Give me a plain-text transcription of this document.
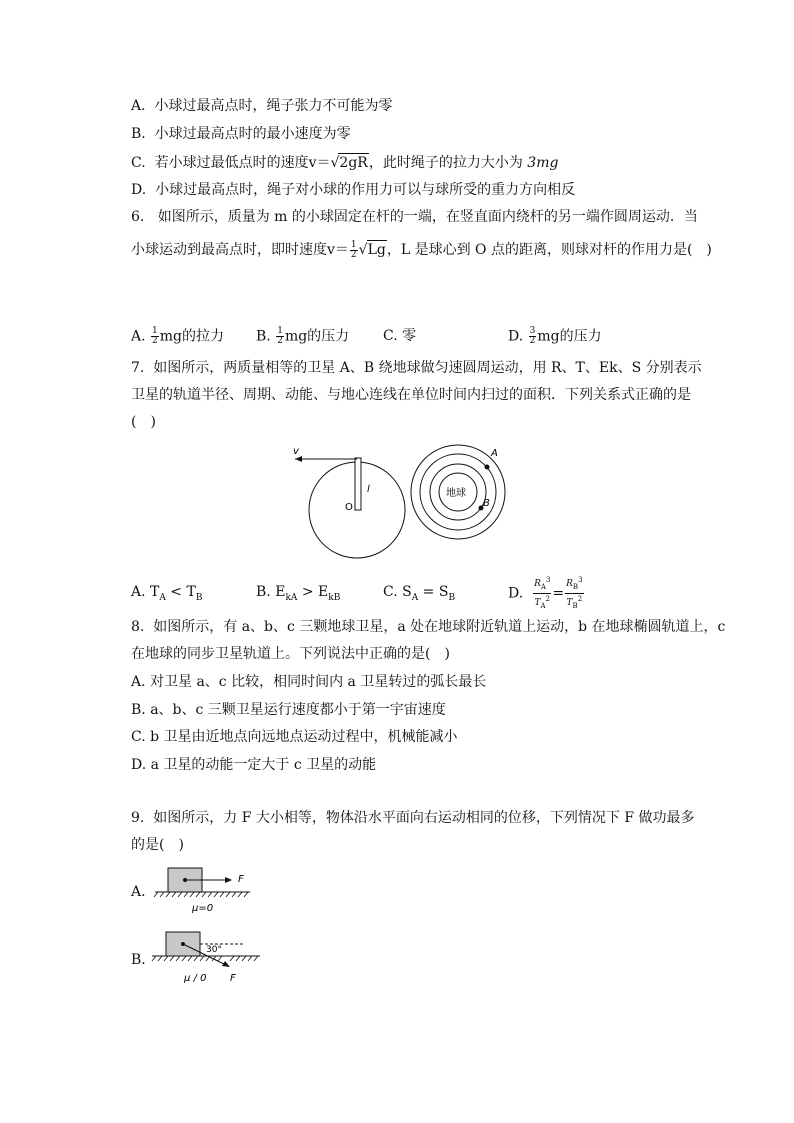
A. 小球过最高点时，绳子张力不可能为零
B. 小球过最高点时的最小速度为零
C. 若小球过最低点时的速度v＝√2gR，此时绳子的拉力大小为 3mg
D. 小球过最高点时，绳子对小球的作用力可以与球所受的重力方向相反
6. 如图所示，质量为 m 的小球固定在杆的一端，在竖直面内绕杆的另一端作圆周运动．当
小球运动到最高点时，即时速度$v= \frac{1}{2} √Lg$，L 是球心到 O 点的距离，则球对杆的作用力是(　)
A. $\frac{1}{2}$ mg的拉力 B. $\frac{1}{2}$ mg的压力 C. 零	D. $\frac{3}{2}$ mg的压力
7. 如图所示，两质量相等的卫星 A、B 绕地球做匀速圆周运动，用 R、T、Ek、S 分别表示
卫星的轨道半径、周期、动能、与地心连线在单位时间内扫过的面积．下列关系式正确的是
(　)
v
O
l	地球
A
B
A. $T_A < T_B$	B. $E_{kA} > E_{kB}$	C. $S_A = S_B$	D. $\frac{R_A^3}{T_A^2} = \frac{R_B^3}{T_B^2}$
8. 如图所示，有 a、b、c 三颗地球卫星，a 处在地球附近轨道上运动，b 在地球椭圆轨道上，c
在地球的同步卫星轨道上。下列说法中正确的是(　)
A. 对卫星 a、c 比较，相同时间内 a 卫星转过的弧长最长
B. a、b、c 三颗卫星运行速度都小于第一宇宙速度
C. b 卫星由近地点向远地点运动过程中，机械能减小
D. a 卫星的动能一定大于 c 卫星的动能
9. 如图所示，力 F 大小相等，物体沿水平面向右运动相同的位移，下列情况下 F 做功最多
的是(　)
A.
F
μ=0
B.
30°
μ / 0 F
